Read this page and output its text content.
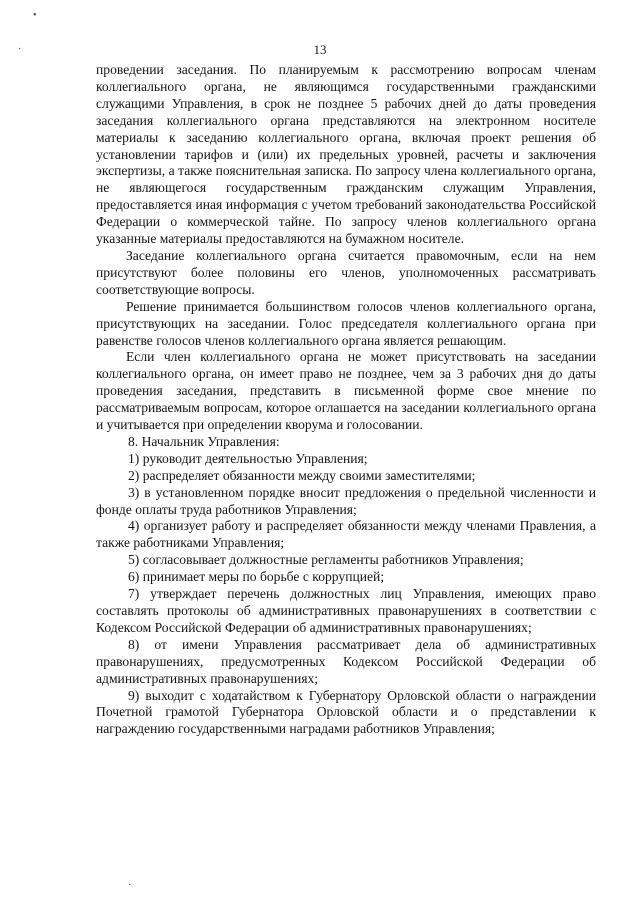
•
·
·
13

проведении заседания. По планируемым к рассмотрению вопросам членам коллегиального органа, не являющимся государственными гражданскими служащими Управления, в срок не позднее 5 рабочих дней до даты проведения заседания коллегиального органа представляются на электронном носителе материалы к заседанию коллегиального органа, включая проект решения об установлении тарифов и (или) их предельных уровней, расчеты и заключения экспертизы, а также пояснительная записка. По запросу члена коллегиального органа, не являющегося государственным гражданским служащим Управления, предоставляется иная информация с учетом требований законодательства Российской Федерации о коммерческой тайне. По запросу членов коллегиального органа указанные материалы предоставляются на бумажном носителе.

Заседание коллегиального органа считается правомочным, если на нем присутствуют более половины его членов, уполномоченных рассматривать соответствующие вопросы.

Решение принимается большинством голосов членов коллегиального органа, присутствующих на заседании. Голос председателя коллегиального органа при равенстве голосов членов коллегиального органа является решающим.

Если член коллегиального органа не может присутствовать на заседании коллегиального органа, он имеет право не позднее, чем за 3 рабочих дня до даты проведения заседания, представить в письменной форме свое мнение по рассматриваемым вопросам, которое оглашается на заседании коллегиального органа и учитывается при определении кворума и голосовании.

8. Начальник Управления:

1) руководит деятельностью Управления;

2) распределяет обязанности между своими заместителями;

3) в установленном порядке вносит предложения о предельной численности и фонде оплаты труда работников Управления;

4) организует работу и распределяет обязанности между членами Правления, а также работниками Управления;

5) согласовывает должностные регламенты работников Управления;

6) принимает меры по борьбе с коррупцией;

7) утверждает перечень должностных лиц Управления, имеющих право составлять протоколы об административных правонарушениях в соответствии с Кодексом Российской Федерации об административных правонарушениях;

8) от имени Управления рассматривает дела об административных правонарушениях, предусмотренных Кодексом Российской Федерации об административных правонарушениях;

9) выходит с ходатайством к Губернатору Орловской области о награждении Почетной грамотой Губернатора Орловской области и о представлении к награждению государственными наградами работников Управления;
